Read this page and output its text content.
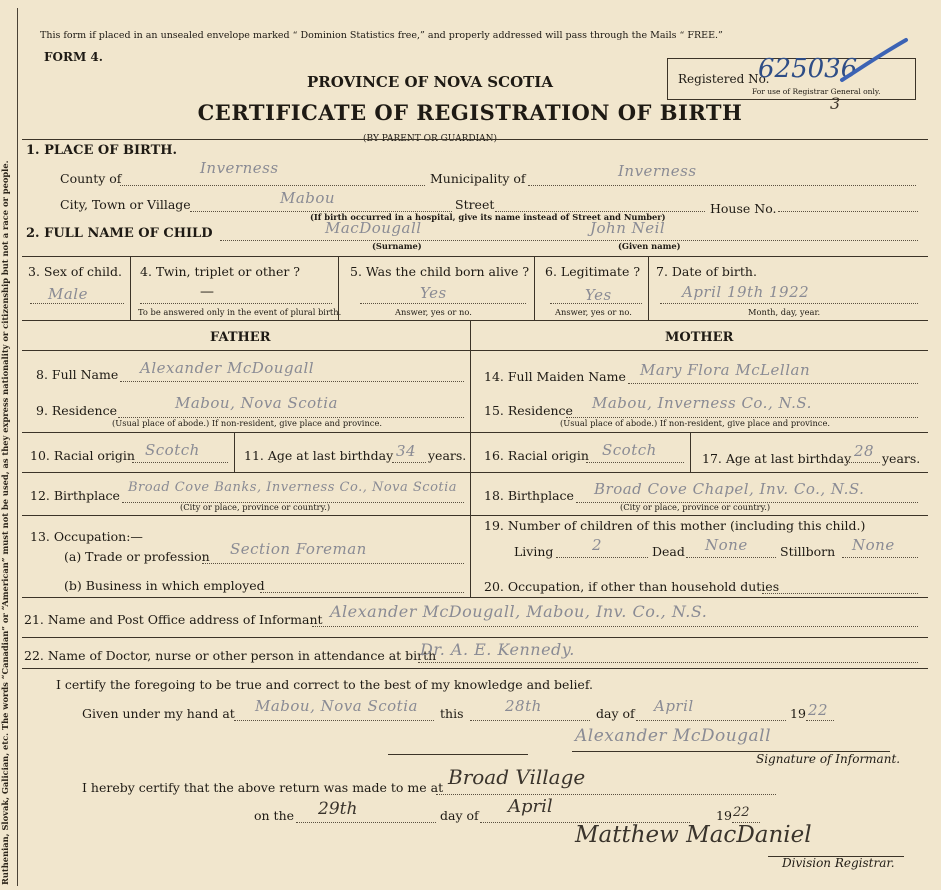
Ruthenian, Slovak, Galician, etc. The words “Canadian” or “American” must not be used, as they express nationality or citizenship but not a race or people.
This form if placed in an unsealed envelope marked “ Dominion Statistics free,” and properly addressed will pass through the Mails “ FREE.”
FORM 4.
PROVINCE OF NOVA SCOTIA
CERTIFICATE OF REGISTRATION OF BIRTH
(BY PARENT OR GUARDIAN)
Registered No.
625036
For use of Registrar General only.
3
1. PLACE OF BIRTH.
County of
Inverness
Municipality of	Inverness
City, Town or Village	Mabou	Street	House No.
(If birth occurred in a hospital, give its name instead of Street and Number)
2. FULL NAME OF CHILD	MacDougall	John Neil
(Surname)	(Given name)
3. Sex of child.
Male
4. Twin, triplet or other ?
—
To be answered only in the event of plural birth.
5. Was the child born alive ?
Yes
Answer, yes or no.
6. Legitimate ?
Yes
Answer, yes or no.
7. Date of birth.
April 19th 1922
Month, day, year.
FATHER	MOTHER
8. Full Name Alexander McDougall
9. Residence	Mabou, Nova Scotia
(Usual place of abode.) If non-resident, give place and province.
10. Racial origin Scotch	11. Age at last birthday 34 years.
12. Birthplace
Broad Cove Banks, Inverness Co., Nova Scotia
(City or place, province or country.)
13. Occupation:—
(a) Trade or profession Section Foreman
(b) Business in which employed
14. Full Maiden Name Mary Flora McLellan
15. Residence Mabou, Inverness Co., N.S.
(Usual place of abode.) If non-resident, give place and province.
16. Racial origin Scotch	17. Age at last birthday 28 years.
18. Birthplace Broad Cove Chapel, Inv. Co., N.S.
(City or place, province or country.)
19. Number of children of this mother (including this child.)
Living	2	Dead None	Stillborn None
20. Occupation, if other than household duties
21. Name and Post Office address of Informant Alexander McDougall, Mabou, Inv. Co., N.S.
22. Name of Doctor, nurse or other person in attendance at birth
Dr. A. E. Kennedy.
I certify the foregoing to be true and correct to the best of my knowledge and belief.
Given under my hand at Mabou, Nova Scotia this	28th	day of April	19 22
Alexander McDougall
Signature of Informant.
I hereby certify that the above return was made to me at Broad Village
on the 29th	day of April	19 22
Matthew MacDaniel
Division Registrar.
